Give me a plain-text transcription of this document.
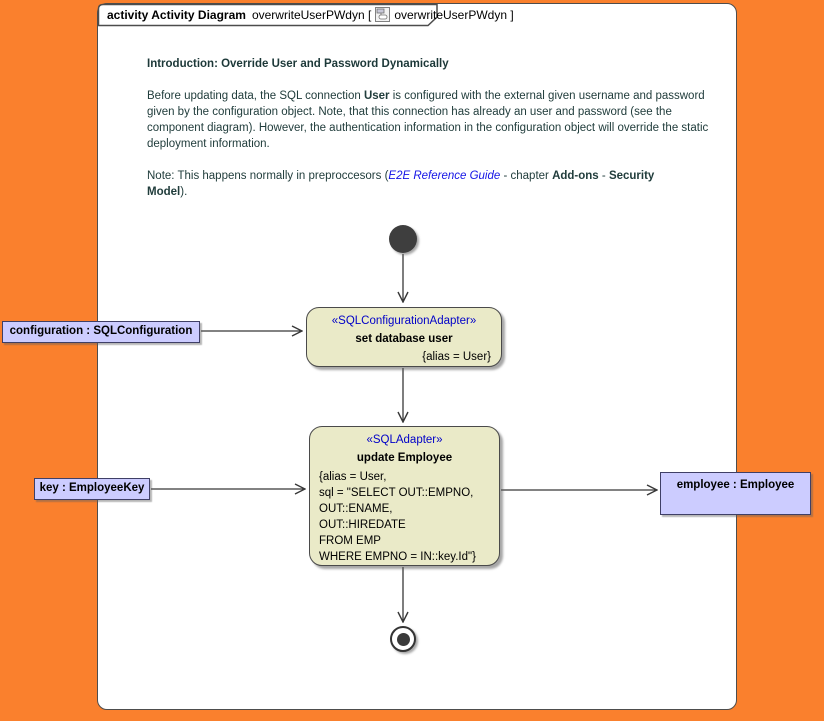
activity Activity Diagram overwriteUserPWdyn [ overwriteUserPWdyn ]
Introduction: Override User and Password Dynamically

Before updating data, the SQL connection User is configured with the external given username and password given by the configuration object. Note, that this connection has already an user and password (see the component diagram). However, the authentication information in the configuration object will override the static deployment information.

Note: This happens normally in preproccesors (E2E Reference Guide - chapter Add-ons - Security Model).

«SQLConfigurationAdapter»
set database user
{alias = User}
«SQLAdapter»
update Employee
{alias = User,
sql = "SELECT OUT::EMPNO,
OUT::ENAME,
OUT::HIREDATE
FROM EMP
WHERE EMPNO = IN::key.Id"}
configuration : SQLConfiguration
key : EmployeeKey	employee : Employee
